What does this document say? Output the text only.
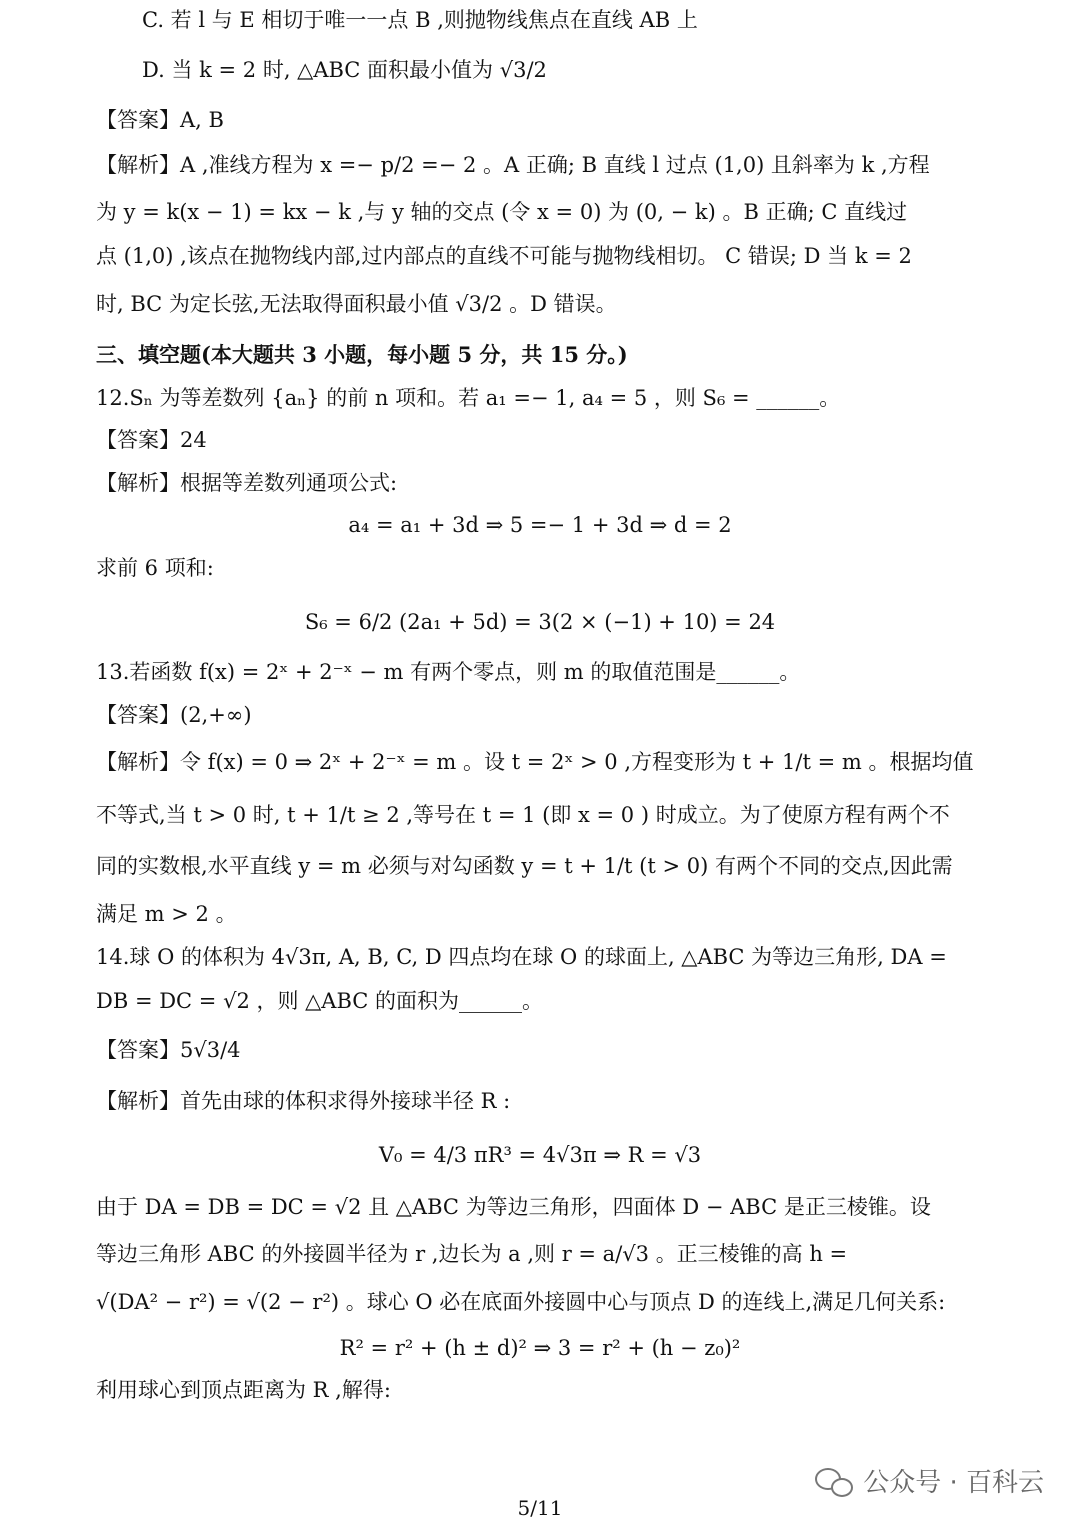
C. 若 l 与 E 相切于唯一一点 B ,则抛物线焦点在直线 AB 上
D. 当 k = 2 时, △ABC 面积最小值为 √3/2
【答案】A, B
【解析】A ,准线方程为 x =− p/2 =− 2 。A 正确; B 直线 l 过点 (1,0) 且斜率为 k ,方程
为 y = k(x − 1) = kx − k ,与 y 轴的交点 (令 x = 0) 为 (0, − k) 。B 正确; C 直线过
点 (1,0) ,该点在抛物线内部,过内部点的直线不可能与抛物线相切。 C 错误; D 当 k = 2
时, BC 为定长弦,无法取得面积最小值 √3/2 。D 错误。
三、填空题(本大题共 3 小题，每小题 5 分，共 15 分。)
12.Sₙ 为等差数列 {aₙ} 的前 n 项和。若 a₁ =− 1, a₄ = 5 ，则 S₆ = ______。
【答案】24
【解析】根据等差数列通项公式:
a₄ = a₁ + 3d ⇒ 5 =− 1 + 3d ⇒ d = 2
求前 6 项和:
S₆ = 6/2 (2a₁ + 5d) = 3(2 × (−1) + 10) = 24
13.若函数 f(x) = 2ˣ + 2⁻ˣ − m 有两个零点，则 m 的取值范围是______。
【答案】(2,+∞)
【解析】令 f(x) = 0 ⇒ 2ˣ + 2⁻ˣ = m 。设 t = 2ˣ > 0 ,方程变形为 t + 1/t = m 。根据均值
不等式,当 t > 0 时, t + 1/t ≥ 2 ,等号在 t = 1 (即 x = 0 ) 时成立。为了使原方程有两个不
同的实数根,水平直线 y = m 必须与对勾函数 y = t + 1/t (t > 0) 有两个不同的交点,因此需
满足 m > 2 。
14.球 O 的体积为 4√3π, A, B, C, D 四点均在球 O 的球面上, △ABC 为等边三角形, DA =
DB = DC = √2 ，则 △ABC 的面积为______。
【答案】5√3/4
【解析】首先由球的体积求得外接球半径 R :
V₀ = 4/3 πR³ = 4√3π ⇒ R = √3
由于 DA = DB = DC = √2 且 △ABC 为等边三角形，四面体 D − ABC 是正三棱锥。设
等边三角形 ABC 的外接圆半径为 r ,边长为 a ,则 r = a/√3 。正三棱锥的高 h =
√(DA² − r²) = √(2 − r²) 。球心 O 必在底面外接圆中心与顶点 D 的连线上,满足几何关系:
R² = r² + (h ± d)² ⇒ 3 = r² + (h − z₀)²
利用球心到顶点距离为 R ,解得:
公众号 · 百科云
5/11
